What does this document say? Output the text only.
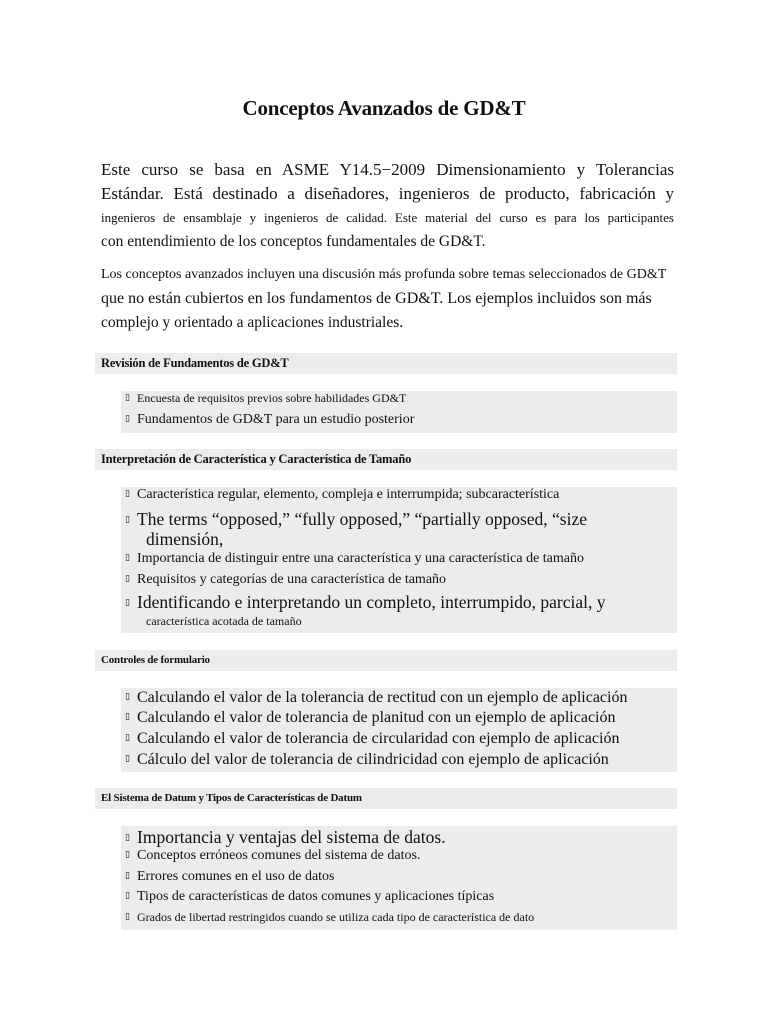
Conceptos Avanzados de GD&T
Este curso se basa en ASME Y14.5−2009 Dimensionamiento y Tolerancias
Estándar. Está destinado a diseñadores, ingenieros de producto, fabricación y
ingenieros de ensamblaje y ingenieros de calidad. Este material del curso es para los participantes
con entendimiento de los conceptos fundamentales de GD&T.
Los conceptos avanzados incluyen una discusión más profunda sobre temas seleccionados de GD&T
que no están cubiertos en los fundamentos de GD&T. Los ejemplos incluidos son más
complejo y orientado a aplicaciones industriales.
Revisión de Fundamentos de GD&T
▯Encuesta de requisitos previos sobre habilidades GD&T
▯Fundamentos de GD&T para un estudio posterior
Interpretación de Característica y Característica de Tamaño
▯Característica regular, elemento, compleja e interrumpida; subcaracterística
▯The terms “opposed,” “fully opposed,” “partially opposed, “size
dimensión,
▯Importancia de distinguir entre una característica y una característica de tamaño
▯Requisitos y categorías de una característica de tamaño
▯Identificando e interpretando un completo, interrumpido, parcial, y
característica acotada de tamaño
Controles de formulario
▯Calculando el valor de la tolerancia de rectitud con un ejemplo de aplicación
▯Calculando el valor de tolerancia de planitud con un ejemplo de aplicación
▯Calculando el valor de tolerancia de circularidad con ejemplo de aplicación
▯Cálculo del valor de tolerancia de cilindricidad con ejemplo de aplicación
El Sistema de Datum y Tipos de Características de Datum
▯Importancia y ventajas del sistema de datos.
▯Conceptos erróneos comunes del sistema de datos.
▯Errores comunes en el uso de datos
▯Tipos de características de datos comunes y aplicaciones típicas
▯Grados de libertad restringidos cuando se utiliza cada tipo de característica de dato
